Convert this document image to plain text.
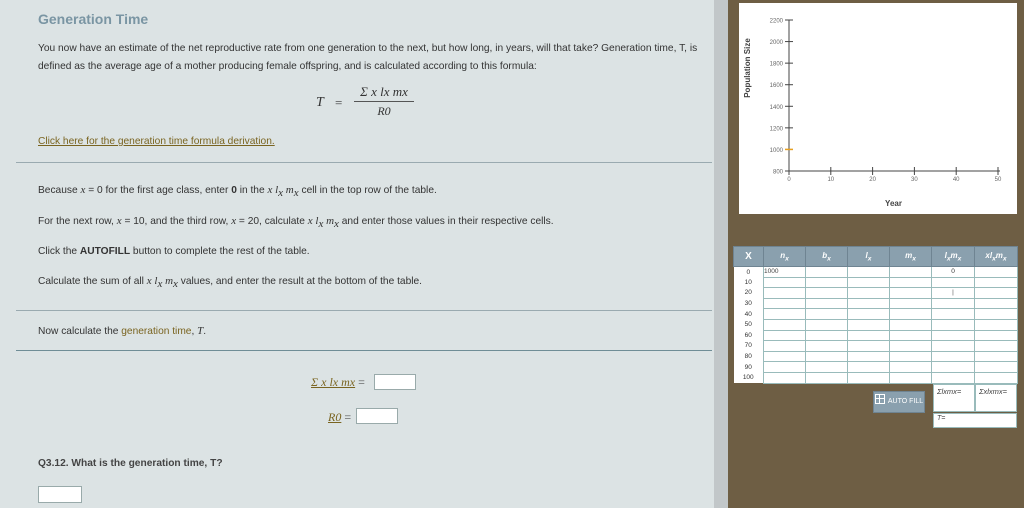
Generation Time
You now have an estimate of the net reproductive rate from one generation to the next, but how long, in years, will that take? Generation time, T, is defined as the average age of a mother producing female offspring, and is calculated according to this formula:
$T = \frac{\text{Σ x lx mx}}{R0}$
Click here for the generation time formula derivation.
Because x = 0 for the first age class, enter 0 in the x $l_x$ $m_x$ cell in the top row of the table.
For the next row, x = 10, and the third row, x = 20, calculate x $l_x$ $m_x$ and enter those values in their respective cells.
Click the AUTOFILL button to complete the rest of the table.
Calculate the sum of all x $l_x$ $m_x$ values, and enter the result at the bottom of the table.
Now calculate the generation time, T.
Σ x lx mx =
R0 =
Q3.12. What is the generation time, T?
800
1000
1200
1400
1600
1800
2000
2200
0	10	20	30	40	50
Year
Population Size
X	$n_x$	$b_x$	$l_x$	$m_x$	$l_xm_x$	$xl_xm_x$
0	1000				0	
10						
20					|	
30						
40						
50						
60						
70						
80						
90						
100						
AUTO FILL
Σlxmx=	Σxlxmx=
T=
